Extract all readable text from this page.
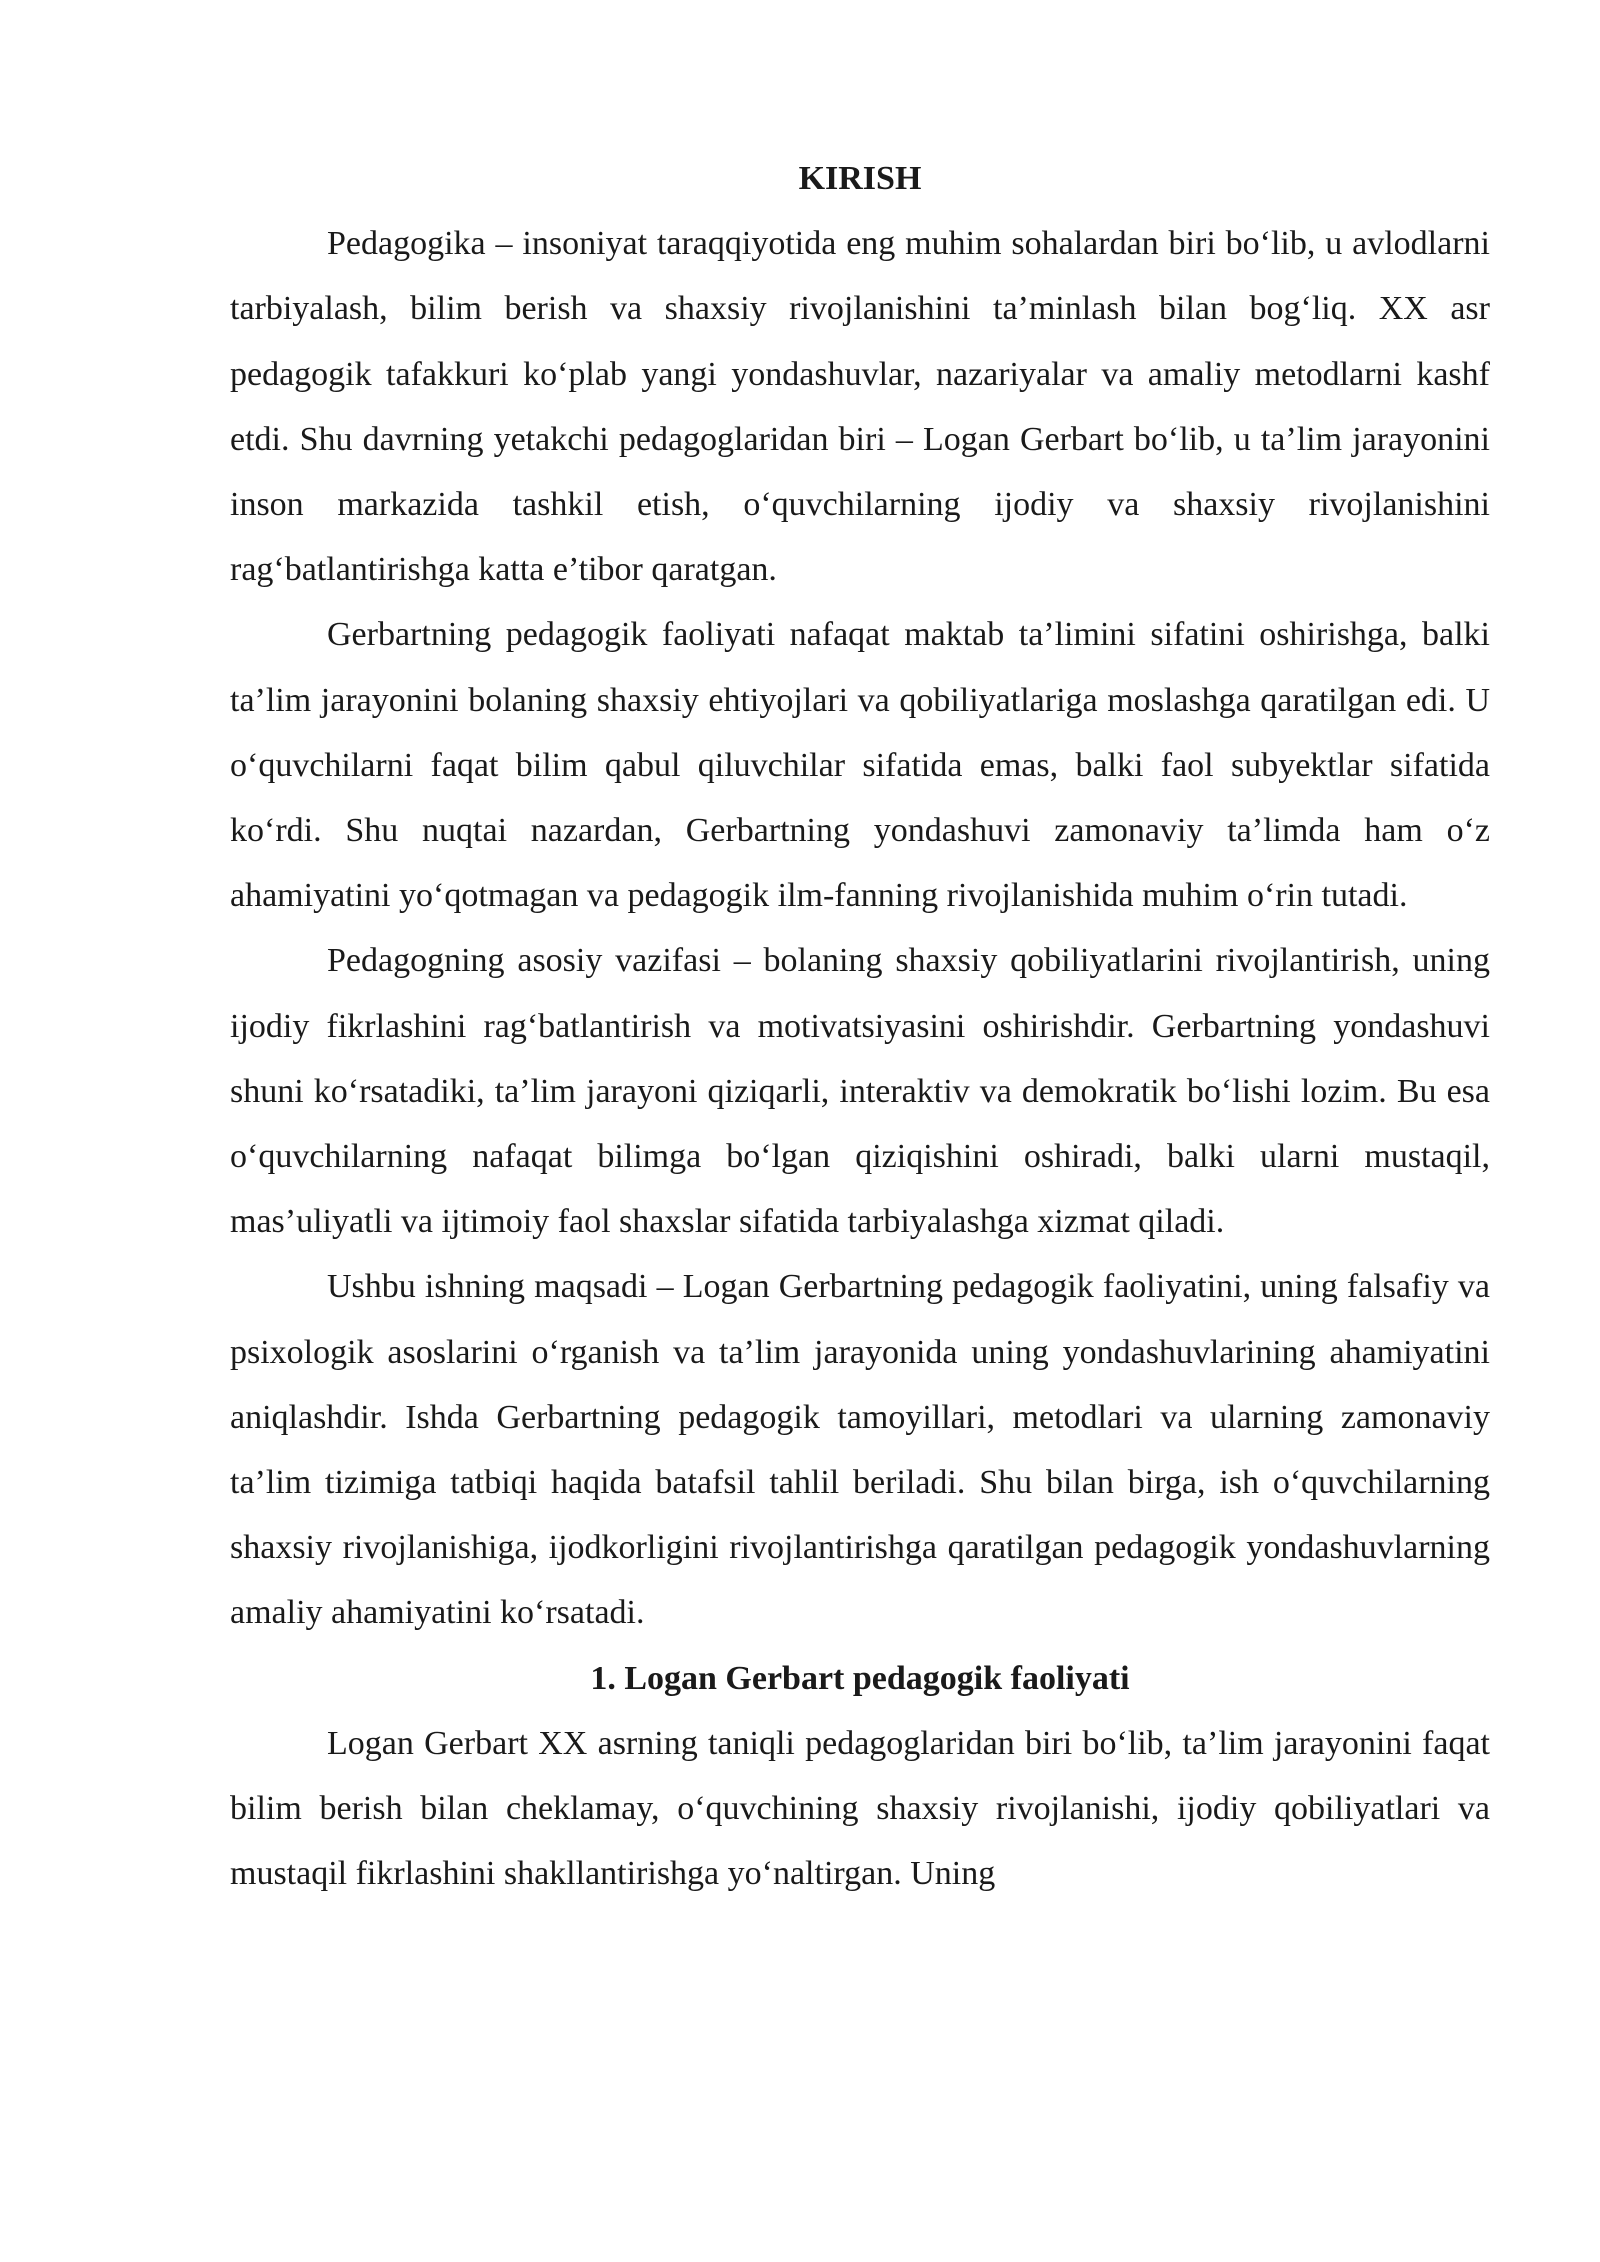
KIRISH

Pedagogika – insoniyat taraqqiyotida eng muhim sohalardan biri bo‘lib, u avlodlarni tarbiyalash, bilim berish va shaxsiy rivojlanishini ta’minlash bilan bog‘liq. XX asr pedagogik tafakkuri ko‘plab yangi yondashuvlar, nazariyalar va amaliy metodlarni kashf etdi. Shu davrning yetakchi pedagoglaridan biri – Logan Gerbart bo‘lib, u ta’lim jarayonini inson markazida tashkil etish, o‘quvchilarning ijodiy va shaxsiy rivojlanishini rag‘batlantirishga katta e’tibor qaratgan.

Gerbartning pedagogik faoliyati nafaqat maktab ta’limini sifatini oshirishga, balki ta’lim jarayonini bolaning shaxsiy ehtiyojlari va qobiliyatlariga moslashga qaratilgan edi. U o‘quvchilarni faqat bilim qabul qiluvchilar sifatida emas, balki faol subyektlar sifatida ko‘rdi. Shu nuqtai nazardan, Gerbartning yondashuvi zamonaviy ta’limda ham o‘z ahamiyatini yo‘qotmagan va pedagogik ilm-fanning rivojlanishida muhim o‘rin tutadi.

Pedagogning asosiy vazifasi – bolaning shaxsiy qobiliyatlarini rivojlantirish, uning ijodiy fikrlashini rag‘batlantirish va motivatsiyasini oshirishdir. Gerbartning yondashuvi shuni ko‘rsatadiki, ta’lim jarayoni qiziqarli, interaktiv va demokratik bo‘lishi lozim. Bu esa o‘quvchilarning nafaqat bilimga bo‘lgan qiziqishini oshiradi, balki ularni mustaqil, mas’uliyatli va ijtimoiy faol shaxslar sifatida tarbiyalashga xizmat qiladi.

Ushbu ishning maqsadi – Logan Gerbartning pedagogik faoliyatini, uning falsafiy va psixologik asoslarini o‘rganish va ta’lim jarayonida uning yondashuvlarining ahamiyatini aniqlashdir. Ishda Gerbartning pedagogik tamoyillari, metodlari va ularning zamonaviy ta’lim tizimiga tatbiqi haqida batafsil tahlil beriladi. Shu bilan birga, ish o‘quvchilarning shaxsiy rivojlanishiga, ijodkorligini rivojlantirishga qaratilgan pedagogik yondashuvlarning amaliy ahamiyatini ko‘rsatadi.

1. Logan Gerbart pedagogik faoliyati

Logan Gerbart XX asrning taniqli pedagoglaridan biri bo‘lib, ta’lim jarayonini faqat bilim berish bilan cheklamay, o‘quvchining shaxsiy rivojlanishi, ijodiy qobiliyatlari va mustaqil fikrlashini shakllantirishga yo‘naltirgan. Uning
